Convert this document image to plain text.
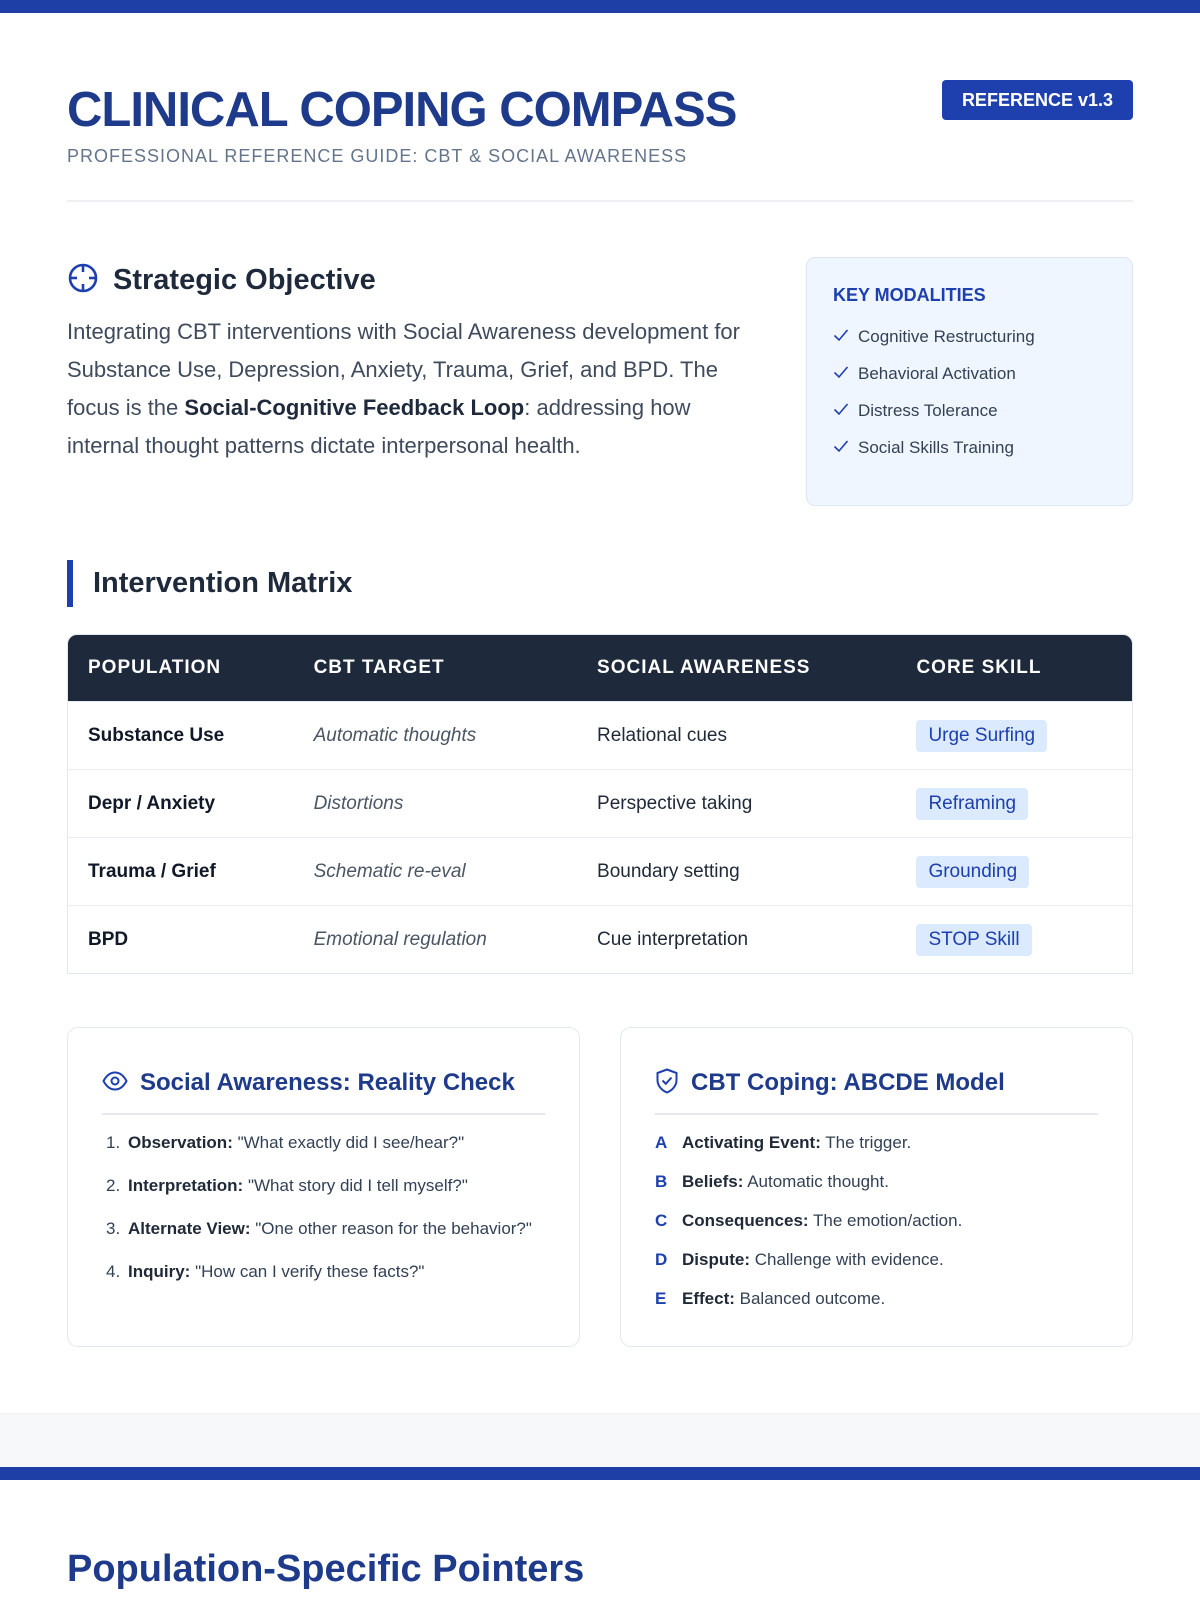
CLINICAL COPING COMPASS
PROFESSIONAL REFERENCE GUIDE: CBT & SOCIAL AWARENESS
REFERENCE v1.3
Strategic Objective

Integrating CBT interventions with Social Awareness development for Substance Use, Depression, Anxiety, Trauma, Grief, and BPD. The focus is the Social-Cognitive Feedback Loop: addressing how internal thought patterns dictate interpersonal health.

KEY MODALITIES
Cognitive Restructuring
Behavioral Activation
Distress Tolerance
Social Skills Training
Intervention Matrix
POPULATION	CBT TARGET	SOCIAL AWARENESS	CORE SKILL
Substance Use	Automatic thoughts	Relational cues	Urge Surfing
Depr / Anxiety	Distortions	Perspective taking	Reframing
Trauma / Grief	Schematic re-eval	Boundary setting	Grounding
BPD	Emotional regulation	Cue interpretation	STOP Skill
Social Awareness: Reality Check
1. Observation: "What exactly did I see/hear?"
2. Interpretation: "What story did I tell myself?"
3. Alternate View: "One other reason for the behavior?"
4. Inquiry: "How can I verify these facts?"
CBT Coping: ABCDE Model
A Activating Event: The trigger.
B Beliefs: Automatic thought.
C Consequences: The emotion/action.
D Dispute: Challenge with evidence.
E Effect: Balanced outcome.
Population-Specific Pointers
